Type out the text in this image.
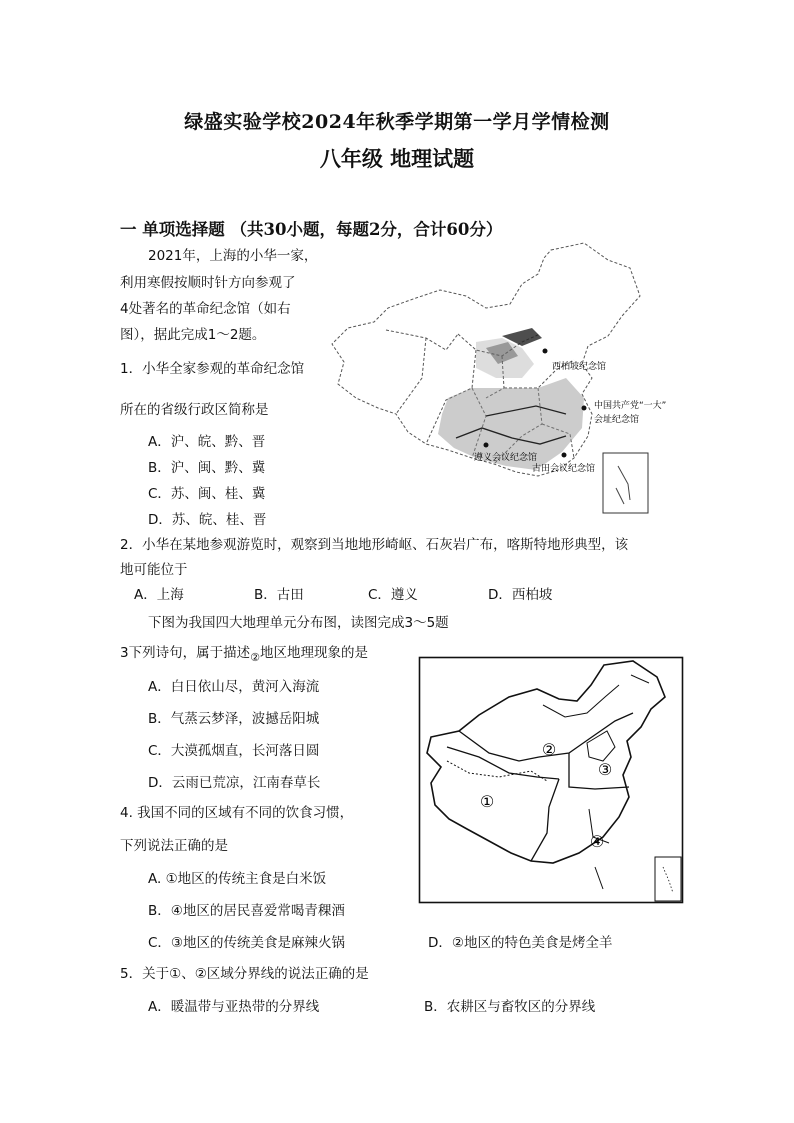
绿盛实验学校2024年秋季学期第一学月学情检测
八年级 地理试题
一 单项选择题 （共30小题，每题2分，合计60分）
2021年，上海的小华一家，
利用寒假按顺时针方向参观了
4处著名的革命纪念馆（如右
图），据此完成1～2题。
1．小华全家参观的革命纪念馆
所在的省级行政区简称是
A．沪、皖、黔、晋
B．沪、闽、黔、冀
C．苏、闽、桂、冀
D．苏、皖、桂、晋
西柏坡纪念馆
中国共产党“一大”
会址纪念馆
遵义会议纪念馆
古田会议纪念馆
2．小华在某地参观游览时，观察到当地地形崎岖、石灰岩广布，喀斯特地形典型，该
地可能位于
A．上海	B．古田	C．遵义	D．西柏坡
下图为我国四大地理单元分布图，读图完成3～5题
3下列诗句，属于描述$_②$地区地理现象的是
A．白日依山尽，黄河入海流
B．气蒸云梦泽，波撼岳阳城
C．大漠孤烟直，长河落日圆
D．云雨已荒凉，江南春草长
①
②
③
④
4. 我国不同的区域有不同的饮食习惯，
下列说法正确的是
A. ①地区的传统主食是白米饭
B．④地区的居民喜爱常喝青稞酒
C．③地区的传统美食是麻辣火锅	D．②地区的特色美食是烤全羊
5．关于①、②区域分界线的说法正确的是
A．暖温带与亚热带的分界线	B．农耕区与畜牧区的分界线
